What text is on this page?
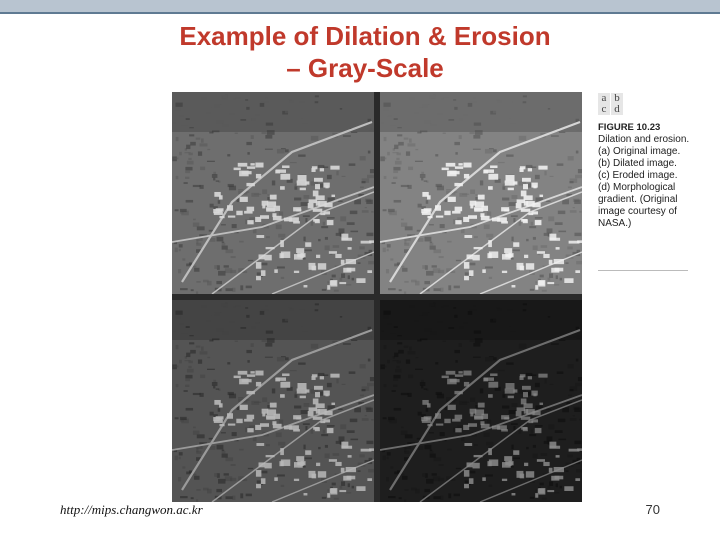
Example of Dilation & Erosion
– Gray-Scale
a b
c d
FIGURE 10.23
Dilation and erosion. (a) Original image. (b) Dilated image. (c) Eroded image. (d) Morphological gradient. (Original image courtesy of NASA.)
http://mips.changwon.ac.kr	70
